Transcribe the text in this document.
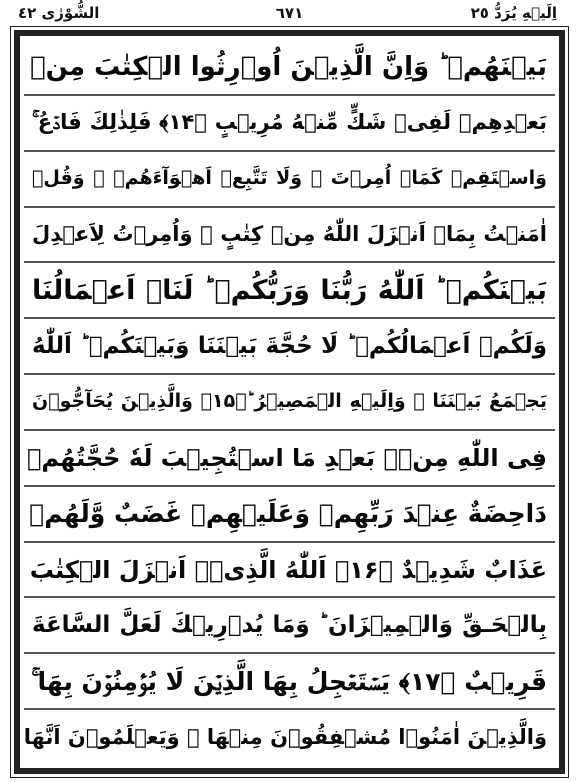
٦٧١
الشُّوْرٰى ٤٢	اِلَيۡهِ يُرَدُّ ٢٥
بَيۡنَهُمۡ ؕ وَاِنَّ الَّذِيۡنَ اُوۡرِثُوا الۡكِتٰبَ مِنۡ
بَعۡدِهِمۡ لَفِىۡ شَكٍّ مِّنۡهُ مُرِيۡبٍ ﴿۱۴﴾ فَلِذٰلِكَ فَادۡعُ ۚ
وَاسۡتَقِمۡ كَمَاۤ اُمِرۡتَ ۚ وَلَا تَتَّبِعۡ اَهۡوَآءَهُمۡ ۚ وَقُلۡ
اٰمَنۡتُ بِمَاۤ اَنۡزَلَ اللّٰهُ مِنۡ كِتٰبٍ ۚ وَاُمِرۡتُ لِاَعۡدِلَ
بَيۡنَكُمۡ ؕ اَللّٰهُ رَبُّنَا وَرَبُّكُمۡ ؕ لَنَاۤ اَعۡمَالُنَا
وَلَكُمۡ اَعۡمَالُكُمۡ ؕ لَا حُجَّةَ بَيۡنَنَا وَبَيۡنَكُمۡ ؕ اَللّٰهُ
يَجۡمَعُ بَيۡنَنَا ۚ وَاِلَيۡهِ الۡمَصِيۡرُ ؕ﴿۱۵﴾ وَالَّذِيۡنَ يُحَآجُّوۡنَ
فِى اللّٰهِ مِنۡۢ بَعۡدِ مَا اسۡتُجِيۡبَ لَهٗ حُجَّتُهُمۡ
دَاحِضَةٌ عِنۡدَ رَبِّهِمۡ وَعَلَيۡهِمۡ غَضَبٌ وَّلَهُمۡ
عَذَابٌ شَدِيۡدٌ ﴿۱۶﴾ اَللّٰهُ الَّذِىۡۤ اَنۡزَلَ الۡكِتٰبَ
بِالۡحَـقِّ وَالۡمِيۡزَانَ ؕ وَمَا يُدۡرِيۡكَ لَعَلَّ السَّاعَةَ
قَرِيۡبٌ ﴿۱۷﴾ يَسۡتَعۡجِلُ بِهَا الَّذِيۡنَ لَا يُؤۡمِنُوۡنَ بِهَا ۚ
وَالَّذِيۡنَ اٰمَنُوۡا مُشۡفِقُوۡنَ مِنۡهَا ۙ وَيَعۡلَمُوۡنَ اَنَّهَا
